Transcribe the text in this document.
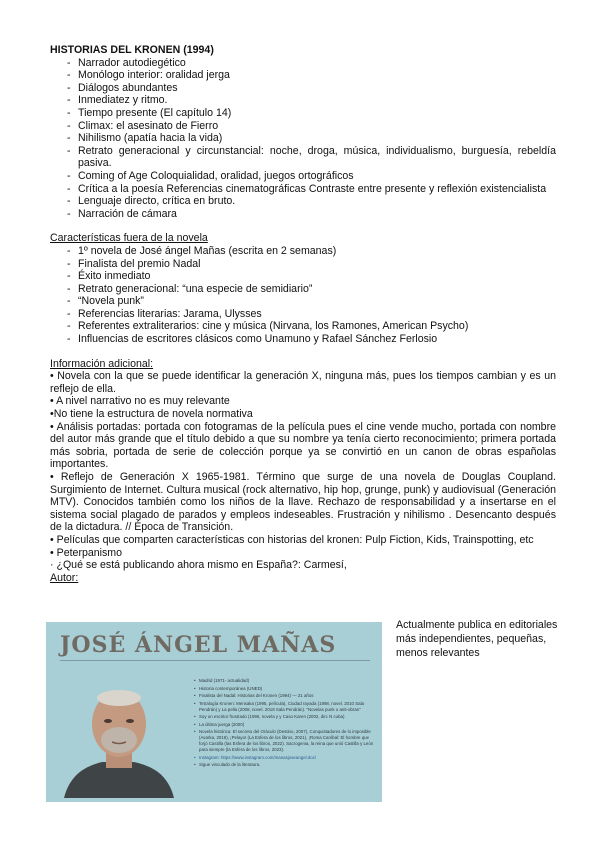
HISTORIAS DEL KRONEN (1994)

- Narrador autodiegético
- Monólogo interior: oralidad jerga
- Diálogos abundantes
- Inmediatez y ritmo.
- Tiempo presente (El capítulo 14)
- Climax: el asesinato de Fierro
- Nihilismo (apatía hacia la vida)
- Retrato generacional y circunstancial: noche, droga, música, individualismo, burguesía, rebeldía pasiva.
- Coming of Age Coloquialidad, oralidad, juegos ortográficos
- Crítica a la poesía Referencias cinematográficas Contraste entre presente y reflexión existencialista
- Lenguaje directo, crítica en bruto.
- Narración de cámara
Características fuera de la novela
- 1º novela de José ángel Mañas (escrita en 2 semanas)
- Finalista del premio Nadal
- Éxito inmediato
- Retrato generacional: “una especie de semidiario”
- “Novela punk”
- Referencias literarias: Jarama, Ulysses
- Referentes extraliterarios: cine y música (Nirvana, los Ramones, American Psycho)
- Influencias de escritores clásicos como Unamuno y Rafael Sánchez Ferlosio
Información adicional:

• Novela con la que se puede identificar la generación X, ninguna más, pues los tiempos cambian y es un reflejo de ella.

• A nivel narrativo no es muy relevante

•No tiene la estructura de novela normativa

• Análisis portadas: portada con fotogramas de la película pues el cine vende mucho, portada con nombre del autor más grande que el título debido a que su nombre ya tenía cierto reconocimiento; primera portada más sobria, portada de serie de colección porque ya se convirtió en un canon de obras españolas importantes.

• Reflejo de Generación X 1965-1981. Término que surge de una novela de Douglas Coupland. Surgimiento de Internet. Cultura musical (rock alternativo, hip hop, grunge, punk) y audiovisual (Generación MTV). Conocidos también como los niños de la llave. Rechazo de responsabilidad y a insertarse en el sistema social plagado de parados y empleos indeseables. Frustración y nihilismo . Desencanto después de la dictadura. // Época de Transición.

• Películas que comparten características con historias del kronen: Pulp Fiction, Kids, Trainspotting, etc

• Peterpanismo

· ¿Qué se está publicando ahora mismo en España?: Carmesí,

Autor:
JOSÉ ÁNGEL MAÑAS
• Madrid (1971- actualidad)
• Historia contemporánea (UNED)
• Finalista del Nadal: Historias del Kronen (1994) — 21 años
• Tetralogía Kronen: Mensaka (1995, película), Ciudad rayada (1998, novel. 2010 Sala Pendrán) y La pella (2008, novel. 2018 Sala Pendrán). "Novelas punk o anti-obras"
• Soy un escritor frustrado (1996, novela y y Caso Karen (2002, dirc N cuba)
• La última juerga (2000)
• Novela histórica: El secreto del Oráculo (Destino, 2007), Conquistadores de lo imposible (Avarka, 2018), ¡Pelayo! (La Esfera de los libros, 2021), ¡Roma Caníbal: El hombre que forjó Castilla (las Esfera de los libros, 2022). Sacrogenia, la reina que unió Castilla y León para siempre (la Esfera de los libros, 2023).
• Instagram: https://www.instagram.com/manasjoseangel.doc/
• Sigue vinculado de la literatura.
Actualmente publica en editoriales más independientes, pequeñas, menos relevantes
